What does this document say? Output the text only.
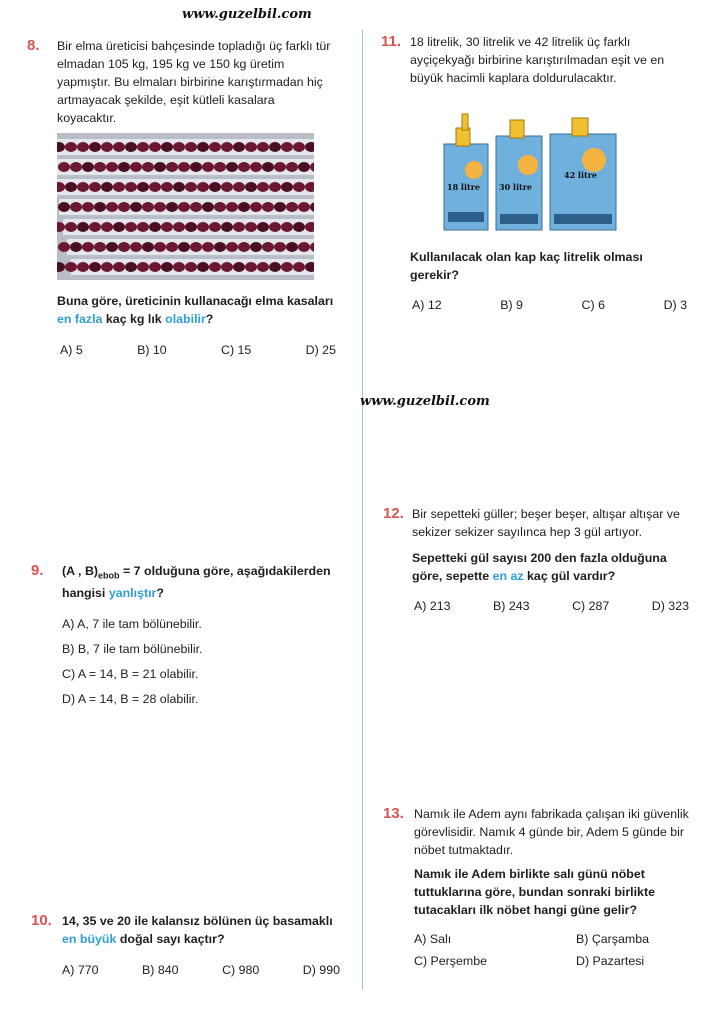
www.guzelbil.com
8. Bir elma üreticisi bahçesinde topladığı üç farklı tür elmadan 105 kg, 195 kg ve 150 kg üretim yapmıştır. Bu elmaları birbirine karıştırmadan hiç artmayacak şekilde, eşit kütleli kasalara koyacaktır.

Buna göre, üreticinin kullanacağı elma kasaları en fazla kaç kg lık olabilir?

A) 5	B) 10	C) 15	D) 25
11. 18 litrelik, 30 litrelik ve 42 litrelik üç farklı ayçiçekyağı birbirine karıştırılmadan eşit ve en büyük hacimli kaplara doldurulacaktır.

18 litre 30 litre
42 litre

Kullanılacak olan kap kaç litrelik olması gerekir?

A) 12	B) 9	C) 6	D) 3
www.guzelbil.com
12. Bir sepetteki güller; beşer beşer, altışar altışar ve sekizer sekizer sayılınca hep 3 gül artıyor.

Sepetteki gül sayısı 200 den fazla olduğuna göre, sepette en az kaç gül vardır?

A) 213	B) 243	C) 287	D) 323
9. (A , $B)_{ebob} = 7$ olduğuna göre, aşağıdakilerden hangisi yanlıştır?

A) A, 7 ile tam bölünebilir.
B) B, 7 ile tam bölünebilir.
C) A = 14, B = 21 olabilir.
D) A = 14, B = 28 olabilir.
13. Namık ile Adem aynı fabrikada çalışan iki güvenlik görevlisidir. Namık 4 günde bir, Adem 5 günde bir nöbet tutmaktadır.

Namık ile Adem birlikte salı günü nöbet tuttuklarına göre, bundan sonraki birlikte tutacakları ilk nöbet hangi güne gelir?

A) Salı	B) Çarşamba
C) Perşembe	D) Pazartesi
10. 14, 35 ve 20 ile kalansız bölünen üç basamaklı en büyük doğal sayı kaçtır?

A) 770	B) 840	C) 980	D) 990
